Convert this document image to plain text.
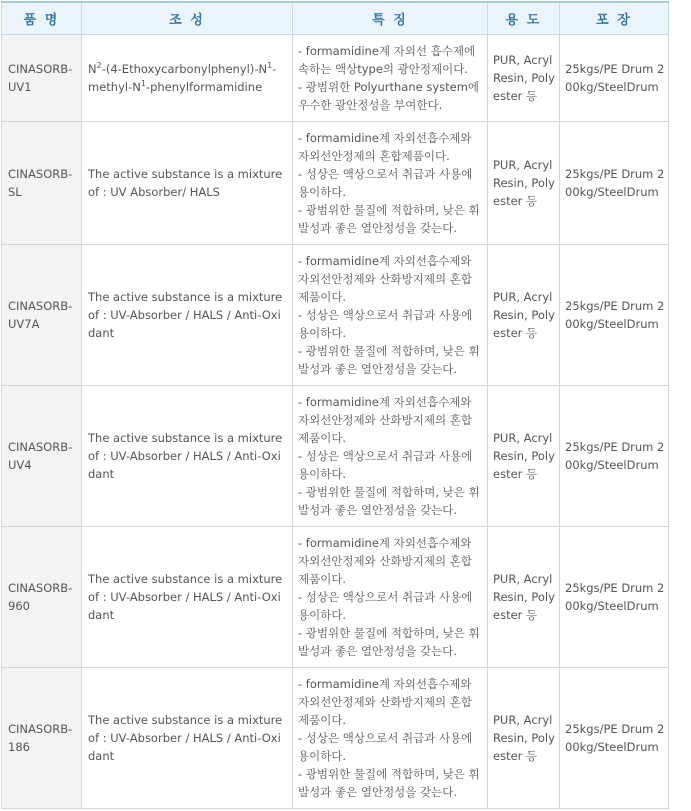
품 명	조 성	특 징	용 도	포 장
CINASORB-UV1	$N^2-(4-Ethoxycarbonylphenyl)-N^1-methyl-N^1$-phenylformamidine	- formamidine계 자외선 흡수제에 속하는 액상type의 광안정제이다.
- 광범위한 Polyurthane system에 우수한 광안정성을 부여한다.	PUR, Acryl Resin, Polyester 등	25kgs/PE Drum 200kg/SteelDrum
CINASORB-SL	The active substance is a mixture of : UV Absorber/ HALS	- formamidine계 자외선흡수제와 자외선안정제의 혼합제품이다.
- 성상은 액상으로서 취급과 사용에 용이하다.
- 광범위한 물질에 적합하며, 낮은 휘발성과 좋은 열안정성을 갖는다.	PUR, Acryl Resin, Polyester 등	25kgs/PE Drum 200kg/SteelDrum
CINASORB-UV7A	The active substance is a mixture of : UV-Absorber / HALS / Anti-Oxidant	- formamidine계 자외선흡수제와 자외선안정제와 산화방지제의 혼합제품이다.
- 성상은 액상으로서 취급과 사용에 용이하다.
- 광범위한 물질에 적합하며, 낮은 휘발성과 좋은 열안정성을 갖는다.	PUR, Acryl Resin, Polyester 등	25kgs/PE Drum 200kg/SteelDrum
CINASORB-UV4	The active substance is a mixture of : UV-Absorber / HALS / Anti-Oxidant	- formamidine계 자외선흡수제와 자외선안정제와 산화방지제의 혼합제품이다.
- 성상은 액상으로서 취급과 사용에 용이하다.
- 광범위한 물질에 적합하며, 낮은 휘발성과 좋은 열안정성을 갖는다.	PUR, Acryl Resin, Polyester 등	25kgs/PE Drum 200kg/SteelDrum
CINASORB-960	The active substance is a mixture of : UV-Absorber / HALS / Anti-Oxidant	- formamidine계 자외선흡수제와 자외선안정제와 산화방지제의 혼합제품이다.
- 성상은 액상으로서 취급과 사용에 용이하다.
- 광범위한 물질에 적합하며, 낮은 휘발성과 좋은 열안정성을 갖는다.	PUR, Acryl Resin, Polyester 등	25kgs/PE Drum 200kg/SteelDrum
CINASORB-186	The active substance is a mixture of : UV-Absorber / HALS / Anti-Oxidant	- formamidine계 자외선흡수제와 자외선안정제와 산화방지제의 혼합제품이다.
- 성상은 액상으로서 취급과 사용에 용이하다.
- 광범위한 물질에 적합하며, 낮은 휘발성과 좋은 열안정성을 갖는다.	PUR, Acryl Resin, Polyester 등	25kgs/PE Drum 200kg/SteelDrum
